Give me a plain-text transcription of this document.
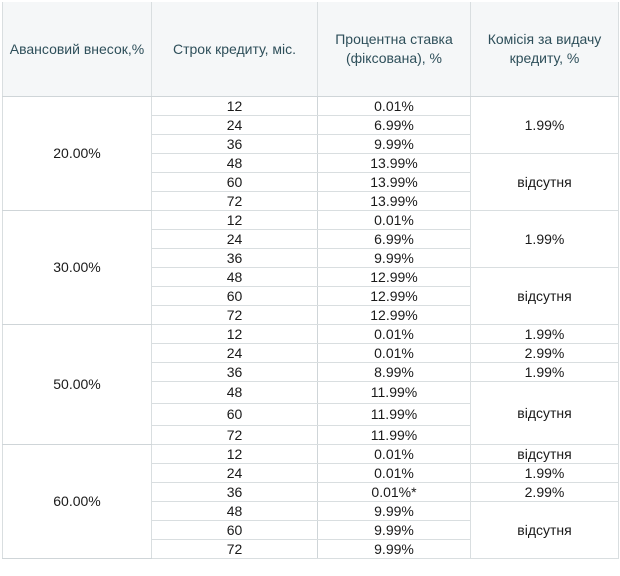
Авансовий внесок,%	Строк кредиту, міс.	Процентна ставка (фіксована), %	Комісія за видачу кредиту, %
20.00%	12	0.01%	1.99%
	24	6.99%	
	36	9.99%	
	48	13.99%	відсутня
	60	13.99%	
	72	13.99%	
30.00%	12	0.01%	1.99%
	24	6.99%	
	36	9.99%	
	48	12.99%	відсутня
	60	12.99%	
	72	12.99%	
50.00%	12	0.01%	1.99%
	24	0.01%	2.99%
	36	8.99%	1.99%
	48	11.99%	відсутня
	60	11.99%	
	72	11.99%	
60.00%	12	0.01%	відсутня
	24	0.01%	1.99%
	36	0.01%*	2.99%
	48	9.99%	відсутня
	60	9.99%	
	72	9.99%	
